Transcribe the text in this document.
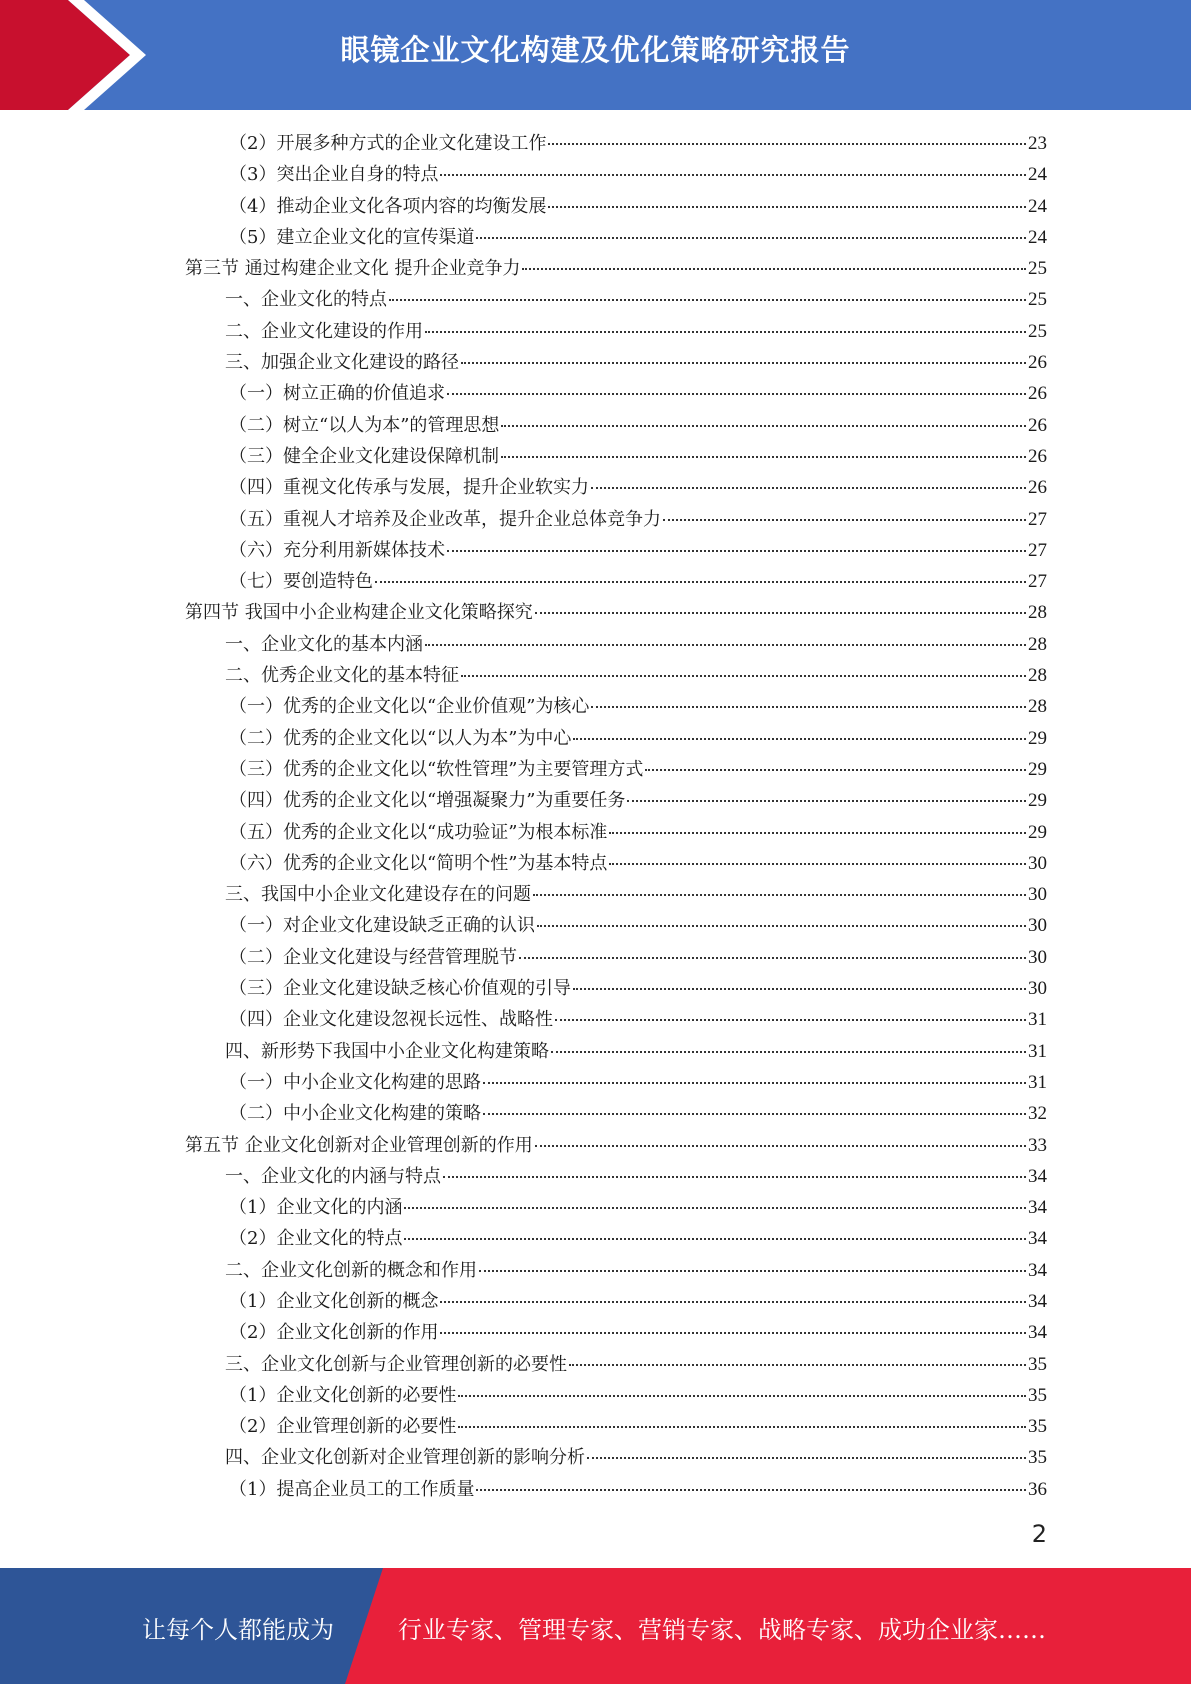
眼镜企业文化构建及优化策略研究报告
（2）开展多种方式的企业文化建设工作	23
（3）突出企业自身的特点	24
（4）推动企业文化各项内容的均衡发展	24
（5）建立企业文化的宣传渠道	24
第三节 通过构建企业文化 提升企业竞争力	25
一、企业文化的特点	25
二、企业文化建设的作用	25
三、加强企业文化建设的路径	26
（一）树立正确的价值追求	26
（二）树立“以人为本”的管理思想	26
（三）健全企业文化建设保障机制	26
（四）重视文化传承与发展，提升企业软实力	26
（五）重视人才培养及企业改革，提升企业总体竞争力	27
（六）充分利用新媒体技术	27
（七）要创造特色	27
第四节 我国中小企业构建企业文化策略探究	28
一、企业文化的基本内涵	28
二、优秀企业文化的基本特征	28
（一）优秀的企业文化以“企业价值观”为核心	28
（二）优秀的企业文化以“以人为本”为中心	29
（三）优秀的企业文化以“软性管理”为主要管理方式	29
（四）优秀的企业文化以“增强凝聚力”为重要任务	29
（五）优秀的企业文化以“成功验证”为根本标准	29
（六）优秀的企业文化以“简明个性”为基本特点	30
三、我国中小企业文化建设存在的问题	30
（一）对企业文化建设缺乏正确的认识	30
（二）企业文化建设与经营管理脱节	30
（三）企业文化建设缺乏核心价值观的引导	30
（四）企业文化建设忽视长远性、战略性	31
四、新形势下我国中小企业文化构建策略	31
（一）中小企业文化构建的思路	31
（二）中小企业文化构建的策略	32
第五节 企业文化创新对企业管理创新的作用	33
一、企业文化的内涵与特点	34
（1）企业文化的内涵	34
（2）企业文化的特点	34
二、企业文化创新的概念和作用	34
（1）企业文化创新的概念	34
（2）企业文化创新的作用	34
三、企业文化创新与企业管理创新的必要性	35
（1）企业文化创新的必要性	35
（2）企业管理创新的必要性	35
四、企业文化创新对企业管理创新的影响分析	35
（1）提高企业员工的工作质量	36
2
让每个人都能成为	行业专家、管理专家、营销专家、战略专家、成功企业家……
